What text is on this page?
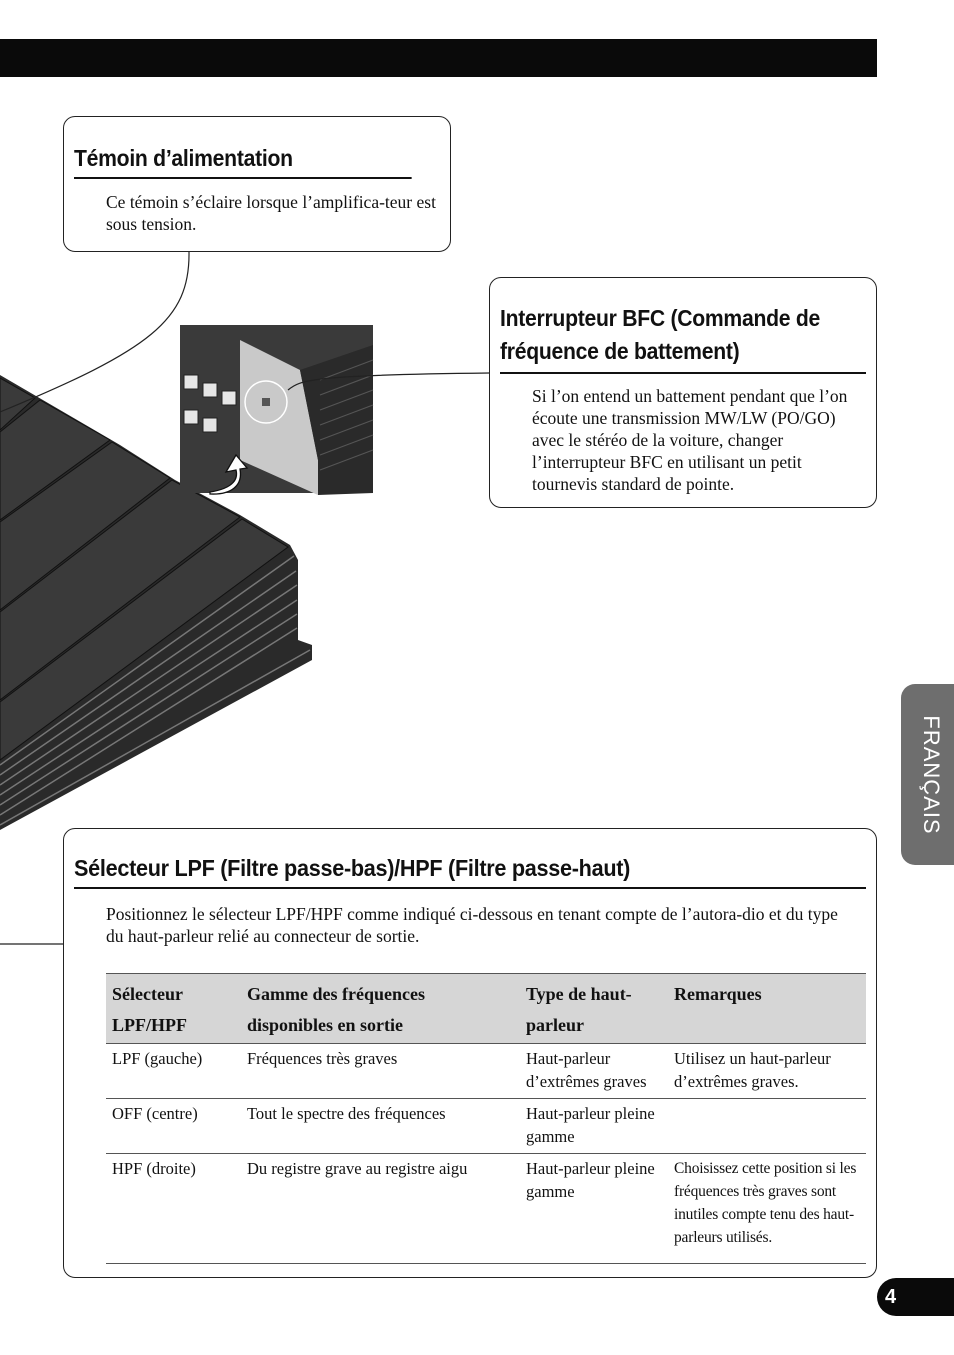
Témoin d’alimentation

Ce témoin s’éclaire lorsque l’amplifica-teur est sous tension.

Interrupteur BFC (Commande de
fréquence de battement)

Si l’on entend un battement pendant que l’on écoute une transmission MW/LW (PO/GO) avec le stéréo de la voiture, changer l’interrupteur BFC en utilisant un petit tournevis standard de pointe.

Sélecteur LPF (Filtre passe-bas)/HPF (Filtre passe-haut)

Positionnez le sélecteur LPF/HPF comme indiqué ci-dessous en tenant compte de l’autora-dio et du type du haut-parleur relié au connecteur de sortie.

Sélecteur LPF/HPF	Gamme des fréquences disponibles en sortie	Type de haut-parleur	Remarques
LPF (gauche)	Fréquences très graves	Haut-parleur d’extrêmes graves	Utilisez un haut-parleur d’extrêmes graves.
OFF (centre)	Tout le spectre des fréquences	Haut-parleur pleine gamme	
HPF (droite)	Du registre grave au registre aigu	Haut-parleur pleine gamme	Choisissez cette position si les fréquences très graves sont inutiles compte tenu des haut-parleurs utilisés.
FRANÇAIS
4
